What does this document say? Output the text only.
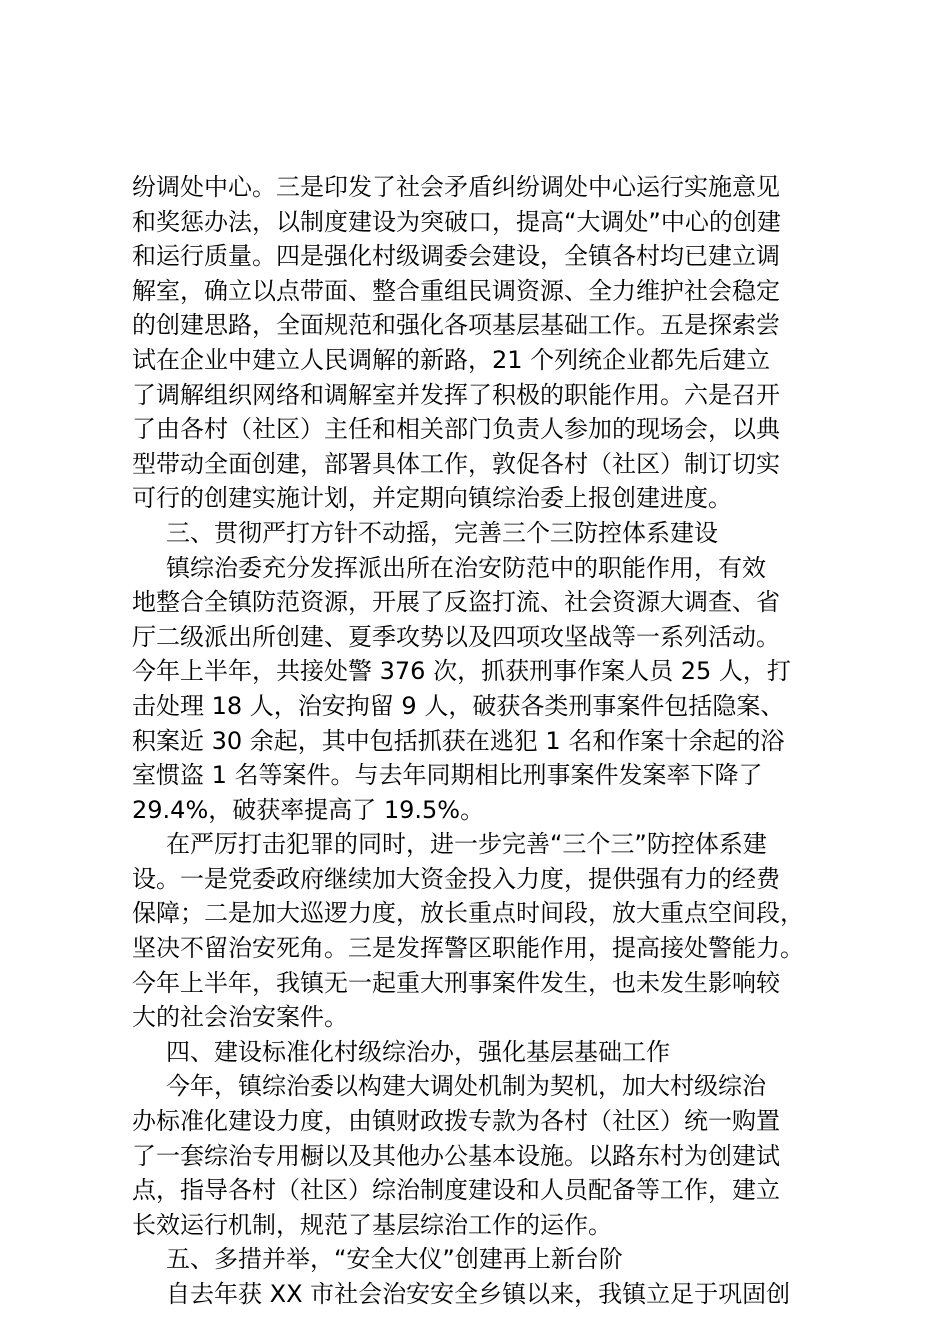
纷调处中心。三是印发了社会矛盾纠纷调处中心运行实施意见
和奖惩办法，以制度建设为突破口，提高“大调处”中心的创建
和运行质量。四是强化村级调委会建设，全镇各村均已建立调
解室，确立以点带面、整合重组民调资源、全力维护社会稳定
的创建思路，全面规范和强化各项基层基础工作。五是探索尝
试在企业中建立人民调解的新路，21 个列统企业都先后建立
了调解组织网络和调解室并发挥了积极的职能作用。六是召开
了由各村（社区）主任和相关部门负责人参加的现场会，以典
型带动全面创建，部署具体工作，敦促各村（社区）制订切实
可行的创建实施计划，并定期向镇综治委上报创建进度。
三、贯彻严打方针不动摇，完善三个三防控体系建设
镇综治委充分发挥派出所在治安防范中的职能作用，有效
地整合全镇防范资源，开展了反盗打流、社会资源大调查、省
厅二级派出所创建、夏季攻势以及四项攻坚战等一系列活动。
今年上半年，共接处警 376 次，抓获刑事作案人员 25 人，打
击处理 18 人，治安拘留 9 人，破获各类刑事案件包括隐案、
积案近 30 余起，其中包括抓获在逃犯 1 名和作案十余起的浴
室惯盗 1 名等案件。与去年同期相比刑事案件发案率下降了
29.4%，破获率提高了 19.5%。
在严厉打击犯罪的同时，进一步完善“三个三”防控体系建
设。一是党委政府继续加大资金投入力度，提供强有力的经费
保障；二是加大巡逻力度，放长重点时间段，放大重点空间段，
坚决不留治安死角。三是发挥警区职能作用，提高接处警能力。
今年上半年，我镇无一起重大刑事案件发生，也未发生影响较
大的社会治安案件。
四、建设标准化村级综治办，强化基层基础工作
今年，镇综治委以构建大调处机制为契机，加大村级综治
办标准化建设力度，由镇财政拨专款为各村（社区）统一购置
了一套综治专用橱以及其他办公基本设施。以路东村为创建试
点，指导各村（社区）综治制度建设和人员配备等工作，建立
长效运行机制，规范了基层综治工作的运作。
五、多措并举，“安全大仪”创建再上新台阶
自去年获 XX 市社会治安安全乡镇以来，我镇立足于巩固创
